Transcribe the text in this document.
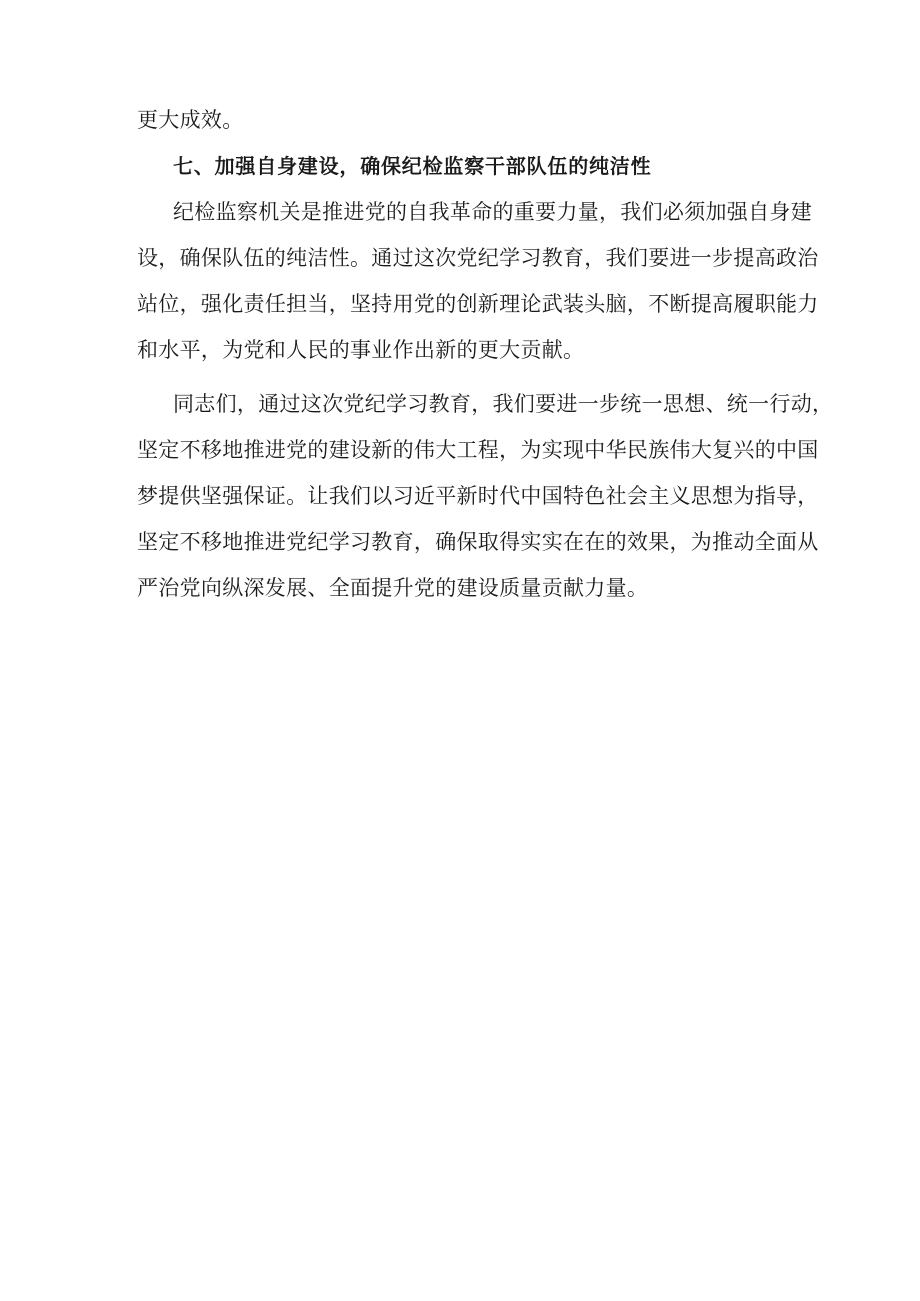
更大成效。
七、加强自身建设，确保纪检监察干部队伍的纯洁性
纪检监察机关是推进党的自我革命的重要力量，我们必须加强自身建
设，确保队伍的纯洁性。通过这次党纪学习教育，我们要进一步提高政治
站位，强化责任担当，坚持用党的创新理论武装头脑，不断提高履职能力
和水平，为党和人民的事业作出新的更大贡献。
同志们，通过这次党纪学习教育，我们要进一步统一思想、统一行动，
坚定不移地推进党的建设新的伟大工程，为实现中华民族伟大复兴的中国
梦提供坚强保证。让我们以习近平新时代中国特色社会主义思想为指导，
坚定不移地推进党纪学习教育，确保取得实实在在的效果，为推动全面从
严治党向纵深发展、全面提升党的建设质量贡献力量。
